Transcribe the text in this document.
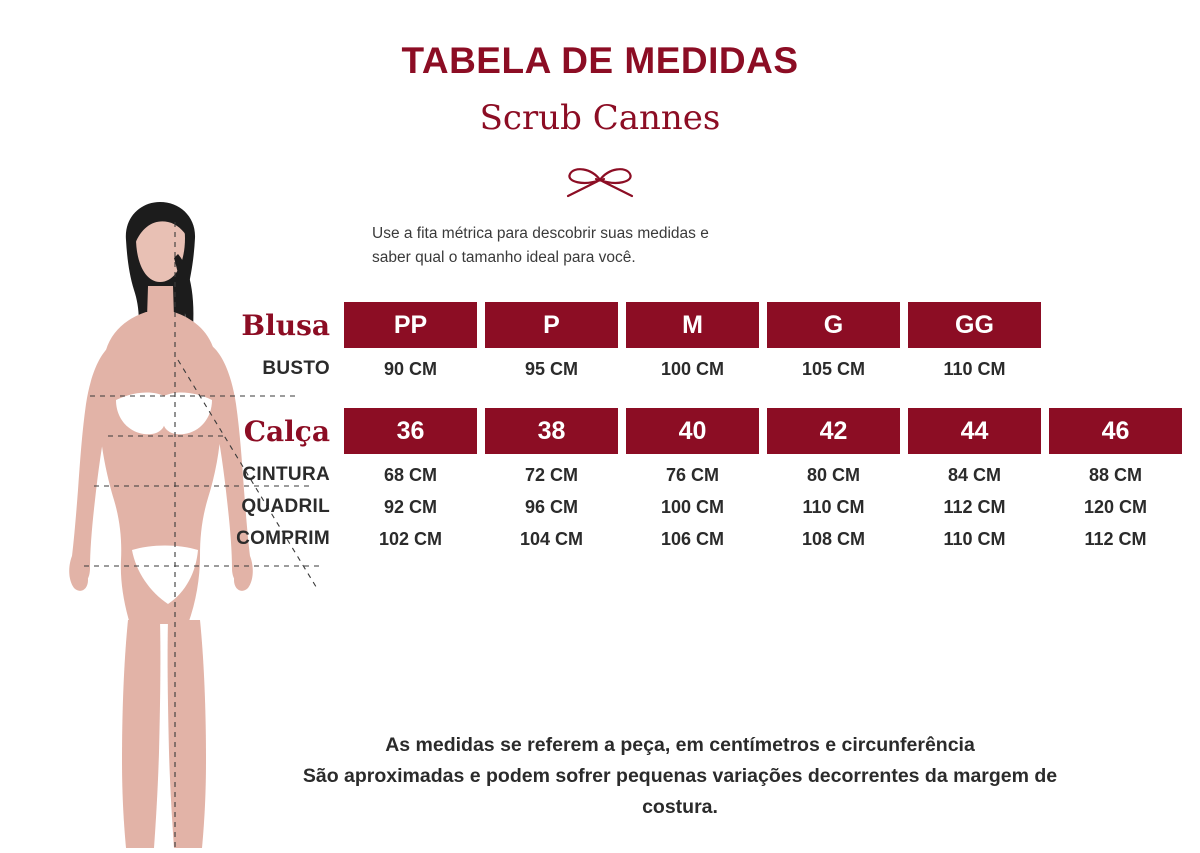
TABELA DE MEDIDAS
Scrub Cannes
Use a fita métrica para descobrir suas medidas e
saber qual o tamanho ideal para você.
Blusa	PP	P	M	G	GG	

BUSTO	90 CM	95 CM	100 CM	105 CM	110 CM	

Calça	36	38	40	42	44	46

CINTURA	68 CM	72 CM	76 CM	80 CM	84 CM	88 CM
QUADRIL	92 CM	96 CM	100 CM	110 CM	112 CM	120 CM
COMPRIM	102 CM	104 CM	106 CM	108 CM	110 CM	112 CM
As medidas se referem a peça, em centímetros e circunferência
São aproximadas e podem sofrer pequenas variações decorrentes da margem de
costura.
